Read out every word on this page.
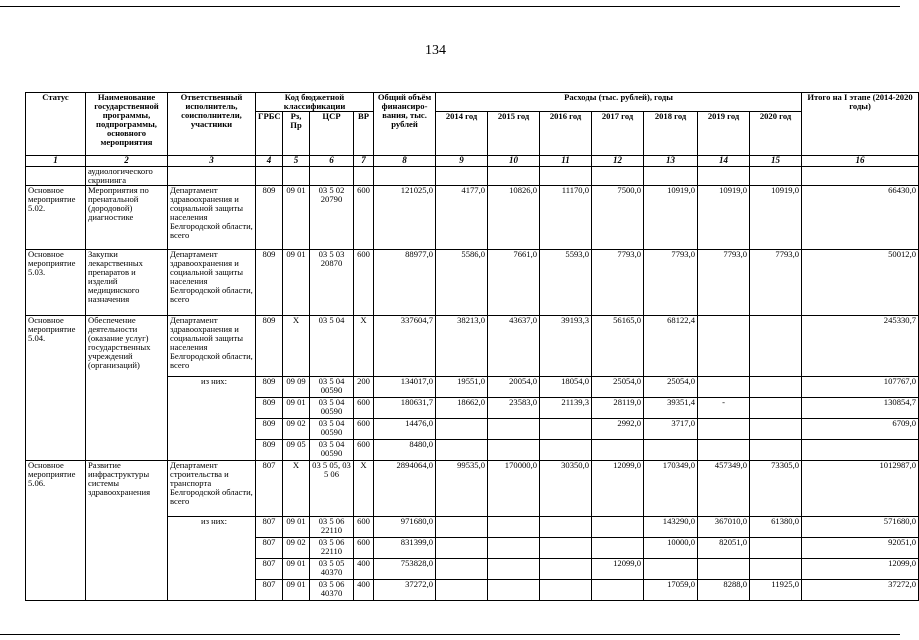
134
Статус	Наименование государственной программы, подпрограммы, основного мероприятия	Ответственный исполнитель, соисполнители, участники	Код бюджетной классификации				Общий объём финансиро-вания, тыс. рублей	Расходы (тыс. рублей), годы							Итого на I этапе (2014-2020 годы)
			ГРБС	Рз, Пр	ЦСР	ВР		2014 год	2015 год	2016 год	2017 год	2018 год	2019 год	2020 год	
1	2	3	4	5	6	7	8	9	10	11	12	13	14	15	16
	аудиологического скрининга														
Основное мероприятие 5.02.	Мероприятия по пренатальной (дородовой) диагностике	Департамент здравоохранения и социальной защиты населения Белгородской области, всего	809	09 01	03 5 02 20790	600	121025,0	4177,0	10826,0	11170,0	7500,0	10919,0	10919,0	10919,0	66430,0
Основное мероприятие 5.03.	Закупки лекарственных препаратов и изделий медицинского назначения	Департамент здравоохранения и социальной защиты населения Белгородской области, всего	809	09 01	03 5 03 20870	600	88977,0	5586,0	7661,0	5593,0	7793,0	7793,0	7793,0	7793,0	50012,0
Основное мероприятие 5.04.	Обеспечение деятельности (оказание услуг) государственных учреждений (организаций)	Департамент здравоохранения и социальной защиты населения Белгородской области, всего	809	Х	03 5 04	Х	337604,7	38213,0	43637,0	39193,3	56165,0	68122,4			245330,7
		из них:	809	09 09	03 5 04 00590	200	134017,0	19551,0	20054,0	18054,0	25054,0	25054,0			107767,0
			809	09 01	03 5 04 00590	600	180631,7	18662,0	23583,0	21139,3	28119,0	39351,4	-		130854,7
			809	09 02	03 5 04 00590	600	14476,0				2992,0	3717,0			6709,0
			809	09 05	03 5 04 00590	600	8480,0								
Основное мероприятие 5.06.	Развитие инфраструктуры системы здравоохранения	Департамент строительства и транспорта Белгородской области, всего	807	Х	03 5 05, 03 5 06	Х	2894064,0	99535,0	170000,0	30350,0	12099,0	170349,0	457349,0	73305,0	1012987,0
		из них:	807	09 01	03 5 06 22110	600	971680,0					143290,0	367010,0	61380,0	571680,0
			807	09 02	03 5 06 22110	600	831399,0					10000,0	82051,0		92051,0
			807	09 01	03 5 05 40370	400	753828,0				12099,0				12099,0
			807	09 01	03 5 06 40370	400	37272,0					17059,0	8288,0	11925,0	37272,0
